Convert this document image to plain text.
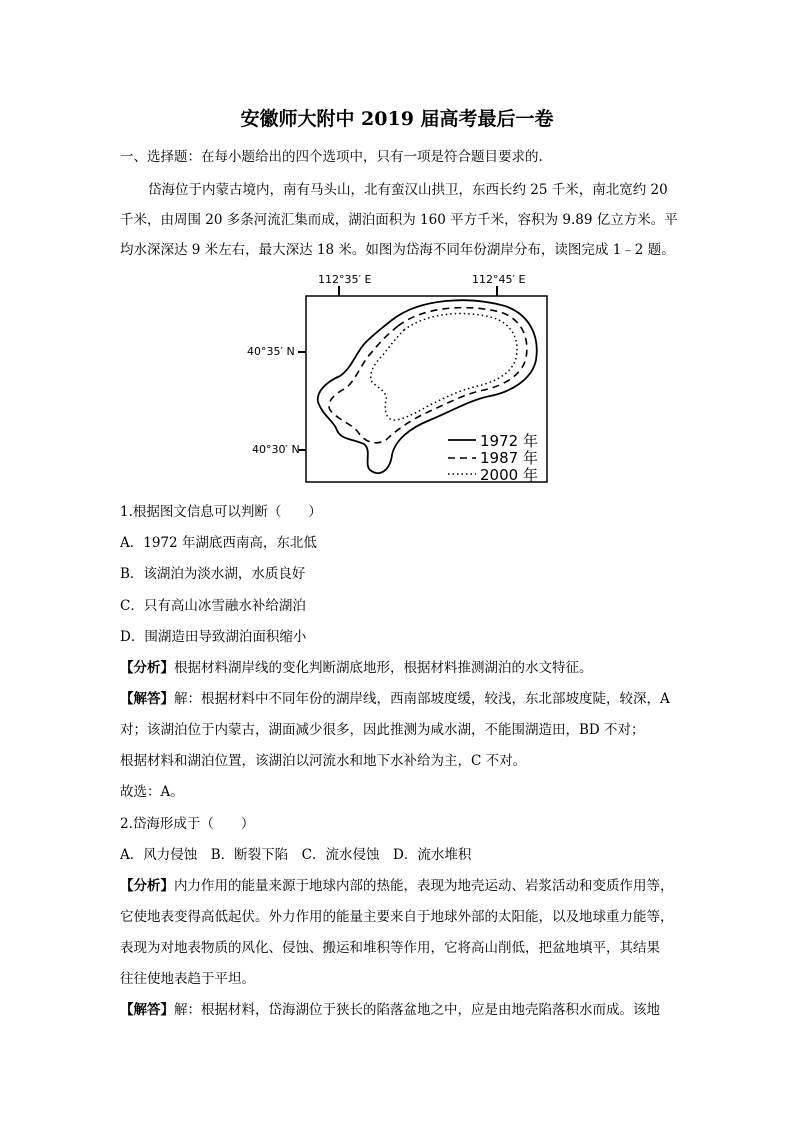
安徽师大附中 2019 届高考最后一卷
一、选择题：在每小题给出的四个选项中，只有一项是符合题目要求的.
岱海位于内蒙古境内，南有马头山，北有蛮汉山拱卫，东西长约 25 千米，南北宽约 20
千米，由周围 20 多条河流汇集而成，湖泊面积为 160 平方千米，容积为 9.89 亿立方米。平
均水深深达 9 米左右，最大深达 18 米。如图为岱海不同年份湖岸分布，读图完成 1﹣2 题。
112°35′ E	112°45′ E
40°35′ N
40°30′ N	1972 年
1987 年
2000 年
1.根据图文信息可以判断（　　）
A．1972 年湖底西南高，东北低
B．该湖泊为淡水湖，水质良好
C．只有高山冰雪融水补给湖泊
D．围湖造田导致湖泊面积缩小
【分析】根据材料湖岸线的变化判断湖底地形，根据材料推测湖泊的水文特征。
【解答】解：根据材料中不同年份的湖岸线，西南部坡度缓，较浅，东北部坡度陡，较深，A
对；该湖泊位于内蒙古，湖面减少很多，因此推测为咸水湖，不能围湖造田，BD 不对；
根据材料和湖泊位置，该湖泊以河流水和地下水补给为主，C 不对。
故选：A。
2.岱海形成于（　　）
A．风力侵蚀　B．断裂下陷　C．流水侵蚀　D．流水堆积
【分析】内力作用的能量来源于地球内部的热能，表现为地壳运动、岩浆活动和变质作用等，
它使地表变得高低起伏。外力作用的能量主要来自于地球外部的太阳能，以及地球重力能等，
表现为对地表物质的风化、侵蚀、搬运和堆积等作用，它将高山削低，把盆地填平，其结果
往往使地表趋于平坦。
【解答】解：根据材料，岱海湖位于狭长的陷落盆地之中，应是由地壳陷落积水而成。该地
